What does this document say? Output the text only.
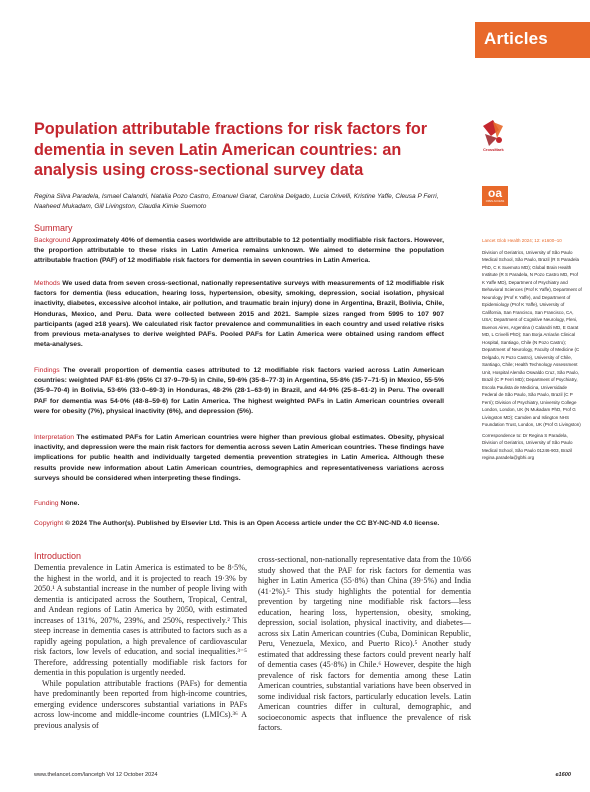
Articles
Population attributable fractions for risk factors for dementia in seven Latin American countries: an analysis using cross-sectional survey data

Regina Silva Paradela, Ismael Calandri, Natalia Pozo Castro, Emanuel Garat, Carolina Delgado, Lucia Crivelli, Kristine Yaffe, Cleusa P Ferri, Naaheed Mukadam, Gill Livingston, Claudia Kimie Suemoto

CrossMark
oa
OPEN ACCESS
Summary

Background Approximately 40% of dementia cases worldwide are attributable to 12 potentially modifiable risk factors. However, the proportion attributable to these risks in Latin America remains unknown. We aimed to determine the population attributable fraction (PAF) of 12 modifiable risk factors for dementia in seven countries in Latin America.

Methods We used data from seven cross-sectional, nationally representative surveys with measurements of 12 modifiable risk factors for dementia (less education, hearing loss, hypertension, obesity, smoking, depression, social isolation, physical inactivity, diabetes, excessive alcohol intake, air pollution, and traumatic brain injury) done in Argentina, Brazil, Bolivia, Chile, Honduras, Mexico, and Peru. Data were collected between 2015 and 2021. Sample sizes ranged from 5995 to 107 907 participants (aged ≥18 years). We calculated risk factor prevalence and communalities in each country and used relative risks from previous meta-analyses to derive weighted PAFs. Pooled PAFs for Latin America were obtained using random effect meta-analyses.

Findings The overall proportion of dementia cases attributed to 12 modifiable risk factors varied across Latin American countries: weighted PAF 61·8% (95% CI 37·9–79·5) in Chile, 59·6% (35·8–77·3) in Argentina, 55·8% (35·7–71·5) in Mexico, 55·5% (35·9–70·4) in Bolivia, 53·6% (33·0–69·3) in Honduras, 48·2% (28·1–63·9) in Brazil, and 44·9% (25·8–61·2) in Peru. The overall PAF for dementia was 54·0% (48·8–59·6) for Latin America. The highest weighted PAFs in Latin American countries overall were for obesity (7%), physical inactivity (6%), and depression (5%).

Interpretation The estimated PAFs for Latin American countries were higher than previous global estimates. Obesity, physical inactivity, and depression were the main risk factors for dementia across seven Latin American countries. These findings have implications for public health and individually targeted dementia prevention strategies in Latin America. Although these results provide new information about Latin American countries, demographics and representativeness variations across surveys should be considered when interpreting these findings.

Funding None.

Copyright © 2024 The Author(s). Published by Elsevier Ltd. This is an Open Access article under the CC BY-NC-ND 4.0 license.

Introduction

Dementia prevalence in Latin America is estimated to be 8·5%, the highest in the world, and it is projected to reach 19·3% by 2050.¹ A substantial increase in the number of people living with dementia is anticipated across the Southern, Tropical, Central, and Andean regions of Latin America by 2050, with estimated increases of 131%, 207%, 239%, and 250%, respectively.² This steep increase in dementia cases is attributed to factors such as a rapidly ageing population, a high prevalence of cardiovascular risk factors, low levels of education, and social inequalities.³⁻⁵ Therefore, addressing potentially modifiable risk factors for dementia in this population is urgently needed.

While population attributable fractions (PAFs) for dementia have predominantly been reported from high-income countries, emerging evidence underscores substantial variations in PAFs across low-income and middle-income countries (LMICs).³⁶ A previous analysis of

cross-sectional, non-nationally representative data from the 10/66 study showed that the PAF for risk factors for dementia was higher in Latin America (55·8%) than China (39·5%) and India (41·2%).⁵ This study highlights the potential for dementia prevention by targeting nine modifiable risk factors—less education, hearing loss, hypertension, obesity, smoking, depression, social isolation, physical inactivity, and diabetes—across six Latin American countries (Cuba, Dominican Republic, Peru, Venezuela, Mexico, and Puerto Rico).⁵ Another study estimated that addressing these factors could prevent nearly half of dementia cases (45·8%) in Chile.⁶ However, despite the high prevalence of risk factors for dementia among these Latin American countries, substantial variations have been observed in some individual risk factors, particularly education levels. Latin American countries differ in cultural, demographic, and socioeconomic aspects that influence the prevalence of risk factors.

Lancet Glob Health 2024; 12: e1600–10

Division of Geriatrics, University of São Paulo Medical School, São Paulo, Brazil (R S Paradela PhD, C K Suemoto MD); Global Brain Health Institute (R S Paradela, N Pozo Castro MD, Prof K Yaffe MD), Department of Psychiatry and Behavioral Sciences (Prof K Yaffe), Department of Neurology (Prof K Yaffe), and Department of Epidemiology (Prof K Yaffe), University of California, San Francisco, San Francisco, CA, USA; Department of Cognitive Neurology, Fleni, Buenos Aires, Argentina (I Calandri MD, E Garat MD, L Crivelli PhD); San Borja Arriarán Clinical Hospital, Santiago, Chile (N Pozo Castro); Department of Neurology, Faculty of Medicine (C Delgado, N Pozo Castro), University of Chile, Santiago, Chile; Health Technology Assessment Unit, Hospital Alemão Oswaldo Cruz, São Paulo, Brazil (C P Ferri MD); Department of Psychiatry, Escola Paulista de Medicina, Universidade Federal de São Paulo, São Paulo, Brazil (C P Ferri); Division of Psychiatry, University College London, London, UK (N Mukadam PhD, Prof G Livingston MD); Camden and Islington NHS Foundation Trust, London, UK (Prof G Livingston)

Correspondence to: Dr Regina S Paradela, Division of Geriatrics, University of São Paulo Medical School, São Paulo 01246-903, Brazil regina.paradela@gbhi.org

www.thelancet.com/lancetgh Vol 12 October 2024	e1600
